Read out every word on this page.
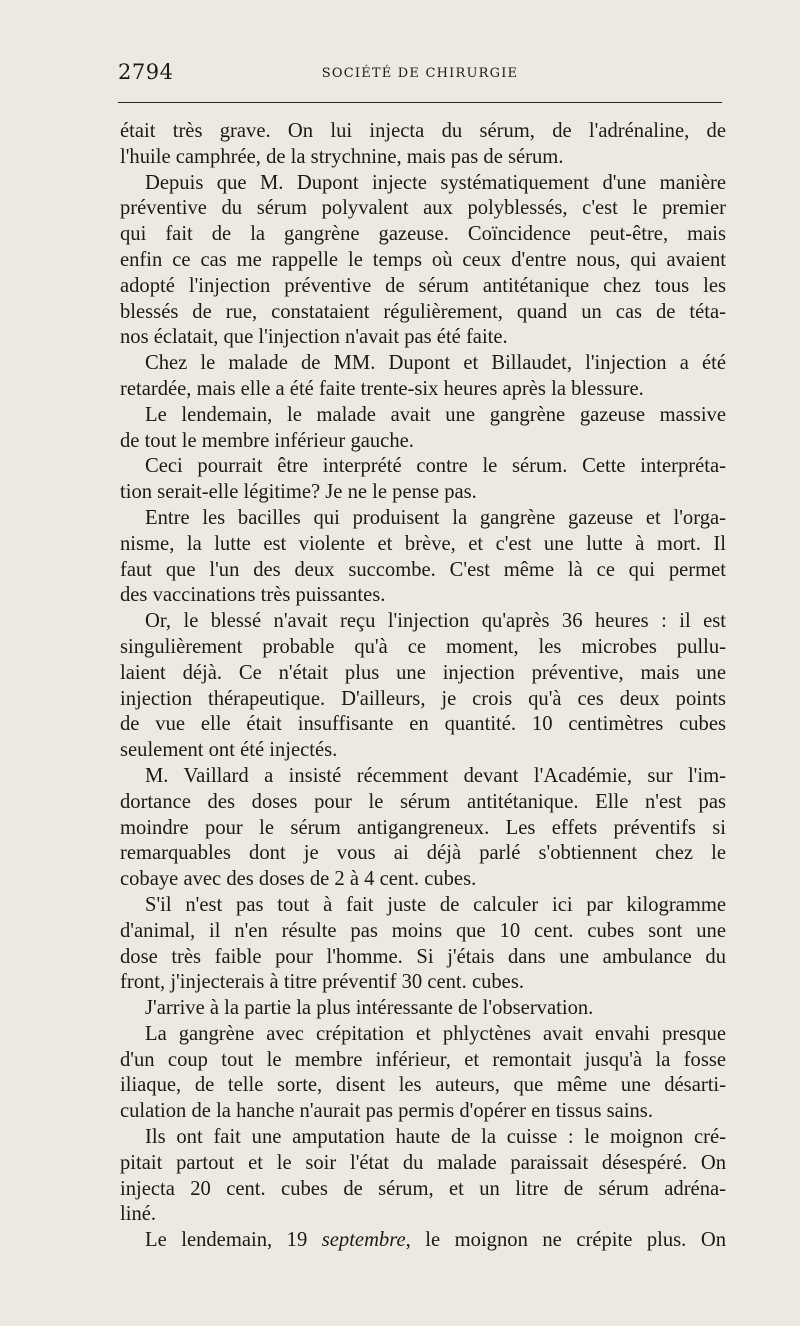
2794	SOCIÉTÉ DE CHIRURGIE
était très grave. On lui injecta du sérum, de l'adrénaline, de
l'huile camphrée, de la strychnine, mais pas de sérum.
Depuis que M. Dupont injecte systématiquement d'une manière
préventive du sérum polyvalent aux polyblessés, c'est le premier
qui fait de la gangrène gazeuse. Coïncidence peut-être, mais
enfin ce cas me rappelle le temps où ceux d'entre nous, qui avaient
adopté l'injection préventive de sérum antitétanique chez tous les
blessés de rue, constataient régulièrement, quand un cas de téta-
nos éclatait, que l'injection n'avait pas été faite.
Chez le malade de MM. Dupont et Billaudet, l'injection a été
retardée, mais elle a été faite trente-six heures après la blessure.
Le lendemain, le malade avait une gangrène gazeuse massive
de tout le membre inférieur gauche.
Ceci pourrait être interprété contre le sérum. Cette interpréta-
tion serait-elle légitime? Je ne le pense pas.
Entre les bacilles qui produisent la gangrène gazeuse et l'orga-
nisme, la lutte est violente et brève, et c'est une lutte à mort. Il
faut que l'un des deux succombe. C'est même là ce qui permet
des vaccinations très puissantes.
Or, le blessé n'avait reçu l'injection qu'après 36 heures : il est
singulièrement probable qu'à ce moment, les microbes pullu-
laient déjà. Ce n'était plus une injection préventive, mais une
injection thérapeutique. D'ailleurs, je crois qu'à ces deux points
de vue elle était insuffisante en quantité. 10 centimètres cubes
seulement ont été injectés.
M. Vaillard a insisté récemment devant l'Académie, sur l'im-
dortance des doses pour le sérum antitétanique. Elle n'est pas
moindre pour le sérum antigangreneux. Les effets préventifs si
remarquables dont je vous ai déjà parlé s'obtiennent chez le
cobaye avec des doses de 2 à 4 cent. cubes.
S'il n'est pas tout à fait juste de calculer ici par kilogramme
d'animal, il n'en résulte pas moins que 10 cent. cubes sont une
dose très faible pour l'homme. Si j'étais dans une ambulance du
front, j'injecterais à titre préventif 30 cent. cubes.
J'arrive à la partie la plus intéressante de l'observation.
La gangrène avec crépitation et phlyctènes avait envahi presque
d'un coup tout le membre inférieur, et remontait jusqu'à la fosse
iliaque, de telle sorte, disent les auteurs, que même une désarti-
culation de la hanche n'aurait pas permis d'opérer en tissus sains.
Ils ont fait une amputation haute de la cuisse : le moignon cré-
pitait partout et le soir l'état du malade paraissait désespéré. On
injecta 20 cent. cubes de sérum, et un litre de sérum adréna-
liné.
Le lendemain, 19 septembre, le moignon ne crépite plus. On
